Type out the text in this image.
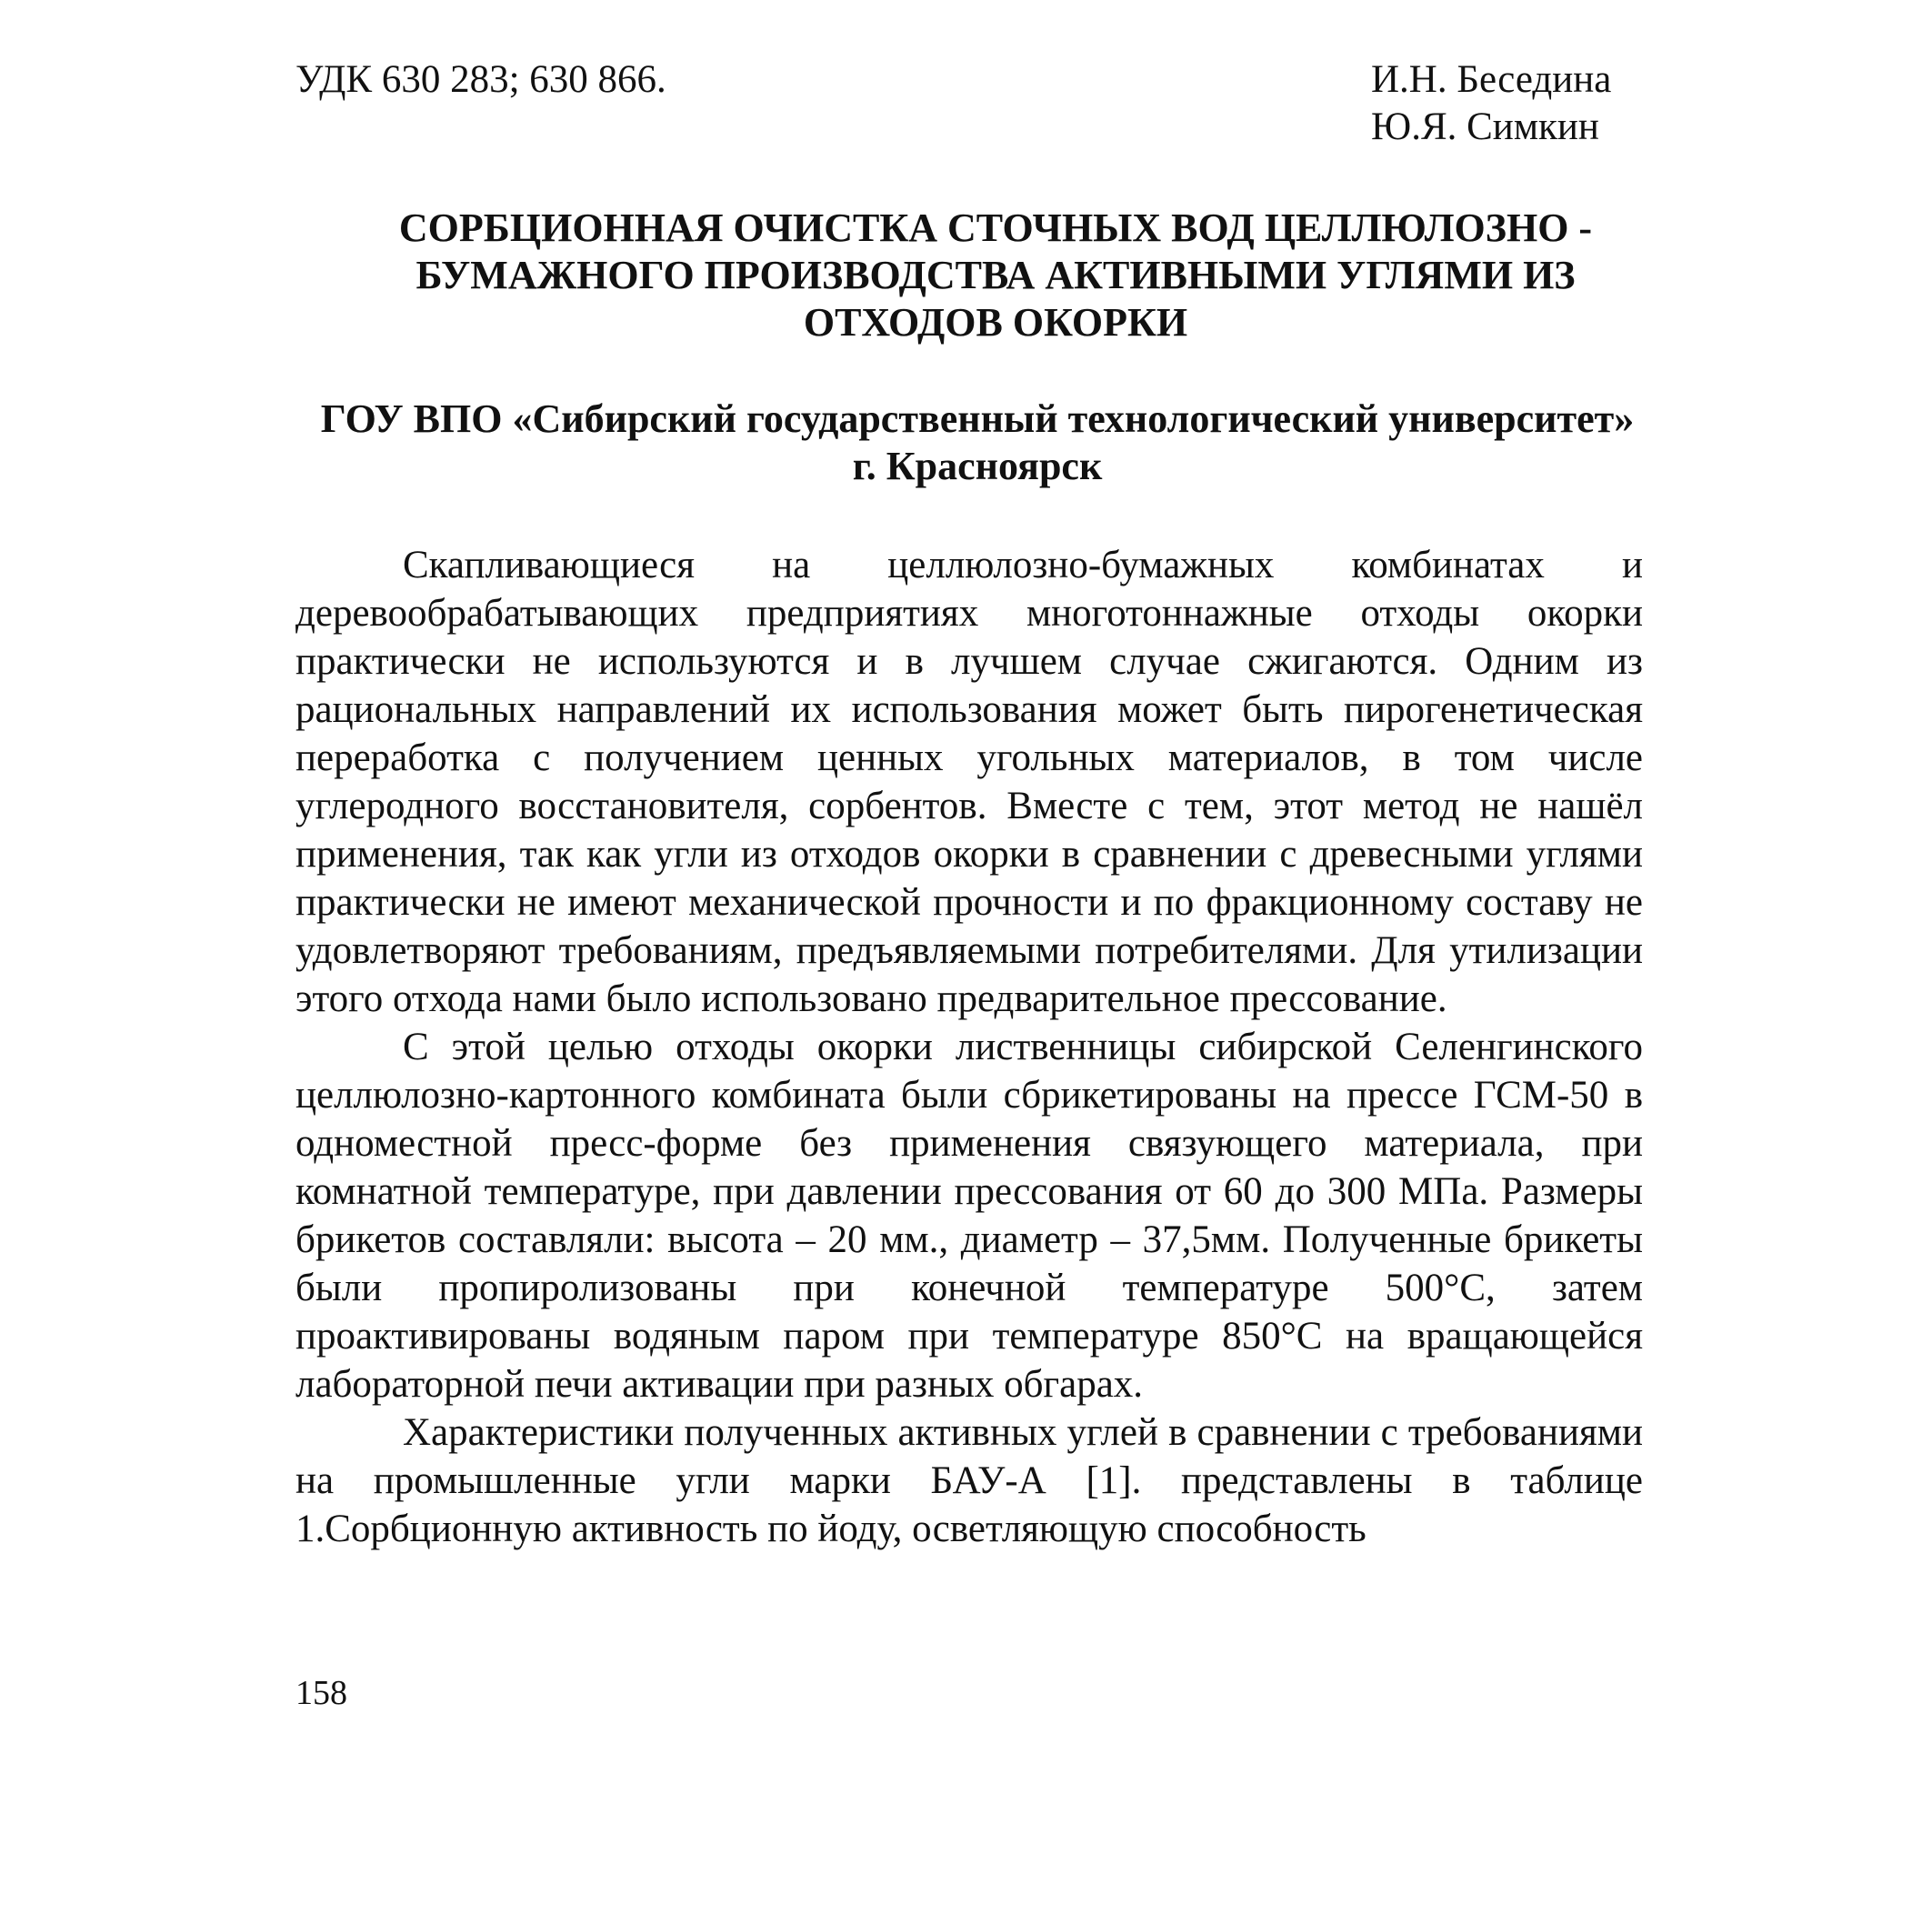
УДК 630 283; 630 866.	И.Н. Беседина
Ю.Я. Симкин
СОРБЦИОННАЯ ОЧИСТКА СТОЧНЫХ ВОД ЦЕЛЛЮЛОЗНО -
БУМАЖНОГО ПРОИЗВОДСТВА АКТИВНЫМИ УГЛЯМИ ИЗ
ОТХОДОВ ОКОРКИ
ГОУ ВПО «Сибирский государственный технологический университет»
г. Красноярск

Скапливающиеся на целлюлозно-бумажных комбинатах и деревообрабатывающих предприятиях многотоннажные отходы окорки практически не используются и в лучшем случае сжигаются. Одним из рациональных направлений их использования может быть пирогенетическая переработка с получением ценных угольных материалов, в том числе углеродного восстановителя, сорбентов. Вместе с тем, этот метод не нашёл применения, так как угли из отходов окорки в сравнении с древесными углями практически не имеют механической прочности и по фракционному составу не удовлетворяют требованиям, предъявляемыми потребителями. Для утилизации этого отхода нами было использовано предварительное прессование.

С этой целью отходы окорки лиственницы сибирской Селенгинского целлюлозно-картонного комбината были сбрикетированы на прессе ГСМ-50 в одноместной пресс-форме без применения связующего материала, при комнатной температуре, при давлении прессования от 60 до 300 МПа. Размеры брикетов составляли: высота – 20 мм., диаметр – 37,5мм. Полученные брикеты были пропиролизованы при конечной температуре 500°С, затем проактивированы водяным паром при температуре 850°С на вращающейся лабораторной печи активации при разных обгарах.

Характеристики полученных активных углей в сравнении с требованиями на промышленные угли марки БАУ-А [1]. представлены в таблице 1.Сорбционную активность по йоду, осветляющую способность

158
